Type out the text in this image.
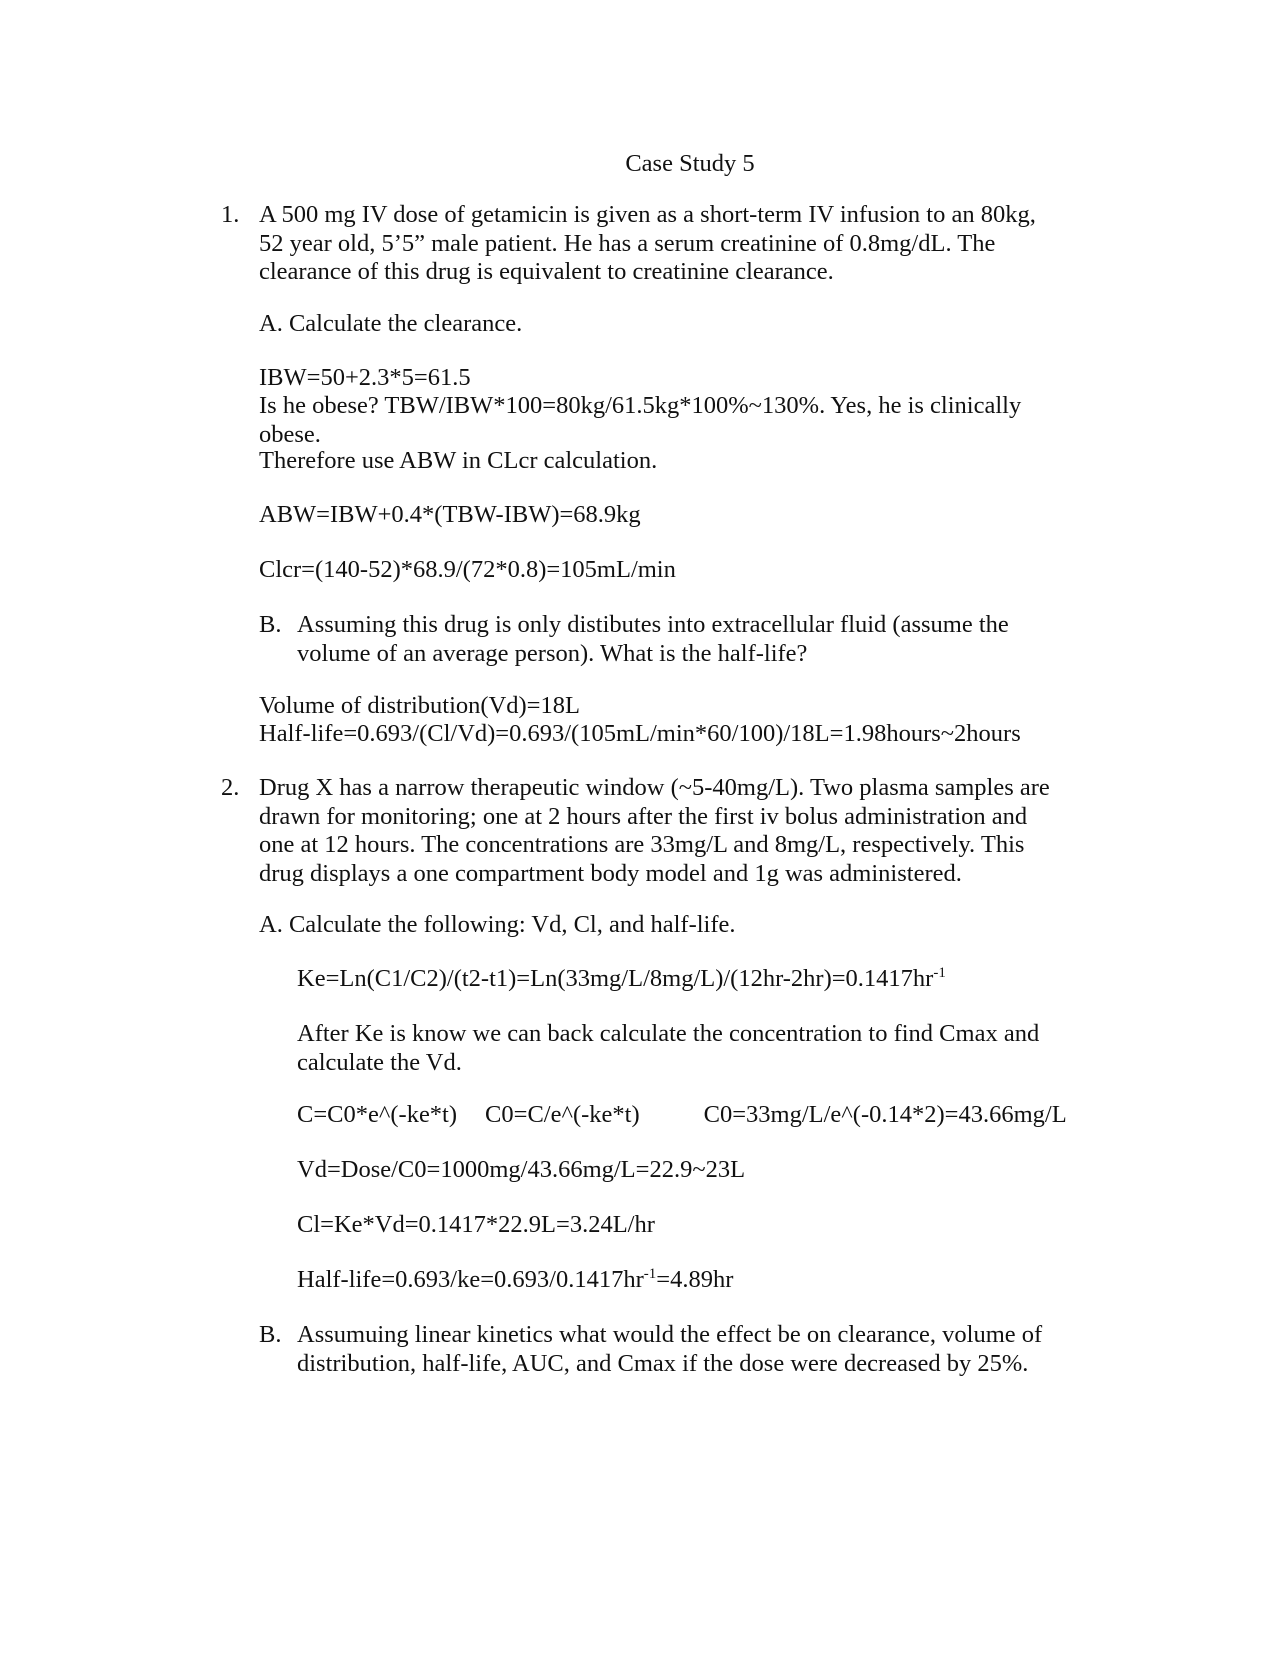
Case Study 5
1. A 500 mg IV dose of getamicin is given as a short-term IV infusion to an 80kg,
52 year old, 5’5” male patient. He has a serum creatinine of 0.8mg/dL. The
clearance of this drug is equivalent to creatinine clearance.
A. Calculate the clearance.
IBW=50+2.3*5=61.5
Is he obese? TBW/IBW*100=80kg/61.5kg*100%~130%. Yes, he is clinically
obese.
Therefore use ABW in CLcr calculation.
ABW=IBW+0.4*(TBW-IBW)=68.9kg
Clcr=(140-52)*68.9/(72*0.8)=105mL/min
B. Assuming this drug is only distibutes into extracellular fluid (assume the
volume of an average person). What is the half-life?
Volume of distribution(Vd)=18L
Half-life=0.693/(Cl/Vd)=0.693/(105mL/min*60/100)/18L=1.98hours~2hours
2. Drug X has a narrow therapeutic window (~5-40mg/L). Two plasma samples are
drawn for monitoring; one at 2 hours after the first iv bolus administration and
one at 12 hours. The concentrations are 33mg/L and 8mg/L, respectively. This
drug displays a one compartment body model and 1g was administered.
A. Calculate the following: Vd, Cl, and half-life.
$Ke=Ln(C1/C2)/(t2-t1)=Ln(33mg/L/8mg/L)/(12hr-2hr)=0.1417hr^{-1}$
After Ke is know we can back calculate the concentration to find Cmax and
calculate the Vd.
C=C0*e^(-ke*t) C0=C/e^(-ke*t)	C0=33mg/L/e^(-0.14*2)=43.66mg/L
Vd=Dose/C0=1000mg/43.66mg/L=22.9~23L
Cl=Ke*Vd=0.1417*22.9L=3.24L/hr
Half-$life=0.693/ke=0.693/0.1417hr^{-1}=4.89hr$
B. Assumuing linear kinetics what would the effect be on clearance, volume of
distribution, half-life, AUC, and Cmax if the dose were decreased by 25%.
